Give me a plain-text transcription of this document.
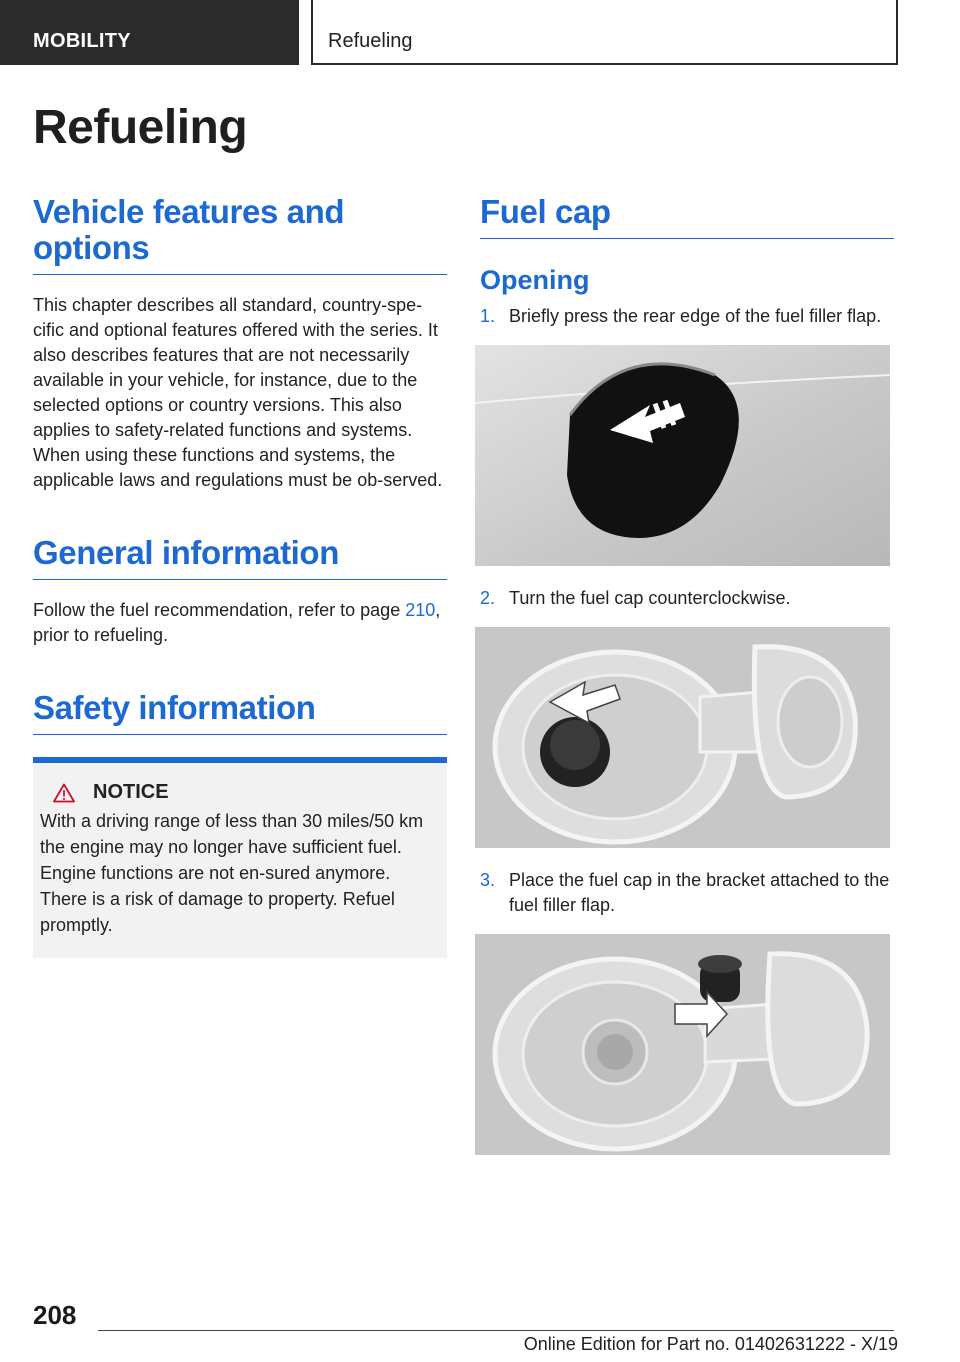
MOBILITY	Refueling
Refueling
Vehicle features and options

This chapter describes all standard, country-spe-cific and optional features offered with the series. It also describes features that are not necessarily available in your vehicle, for instance, due to the selected options or country versions. This also applies to safety-related functions and systems. When using these functions and systems, the applicable laws and regulations must be ob-served.

General information

Follow the fuel recommendation, refer to page 210, prior to refueling.

Safety information
NOTICE

With a driving range of less than 30 miles/50 km the engine may no longer have sufficient fuel. Engine functions are not en-sured anymore. There is a risk of damage to property. Refuel promptly.

Fuel cap
Opening
1. Briefly press the rear edge of the fuel filler flap.
2. Turn the fuel cap counterclockwise.
3. Place the fuel cap in the bracket attached to the fuel filler flap.
208
Online Edition for Part no. 01402631222 - X/19
